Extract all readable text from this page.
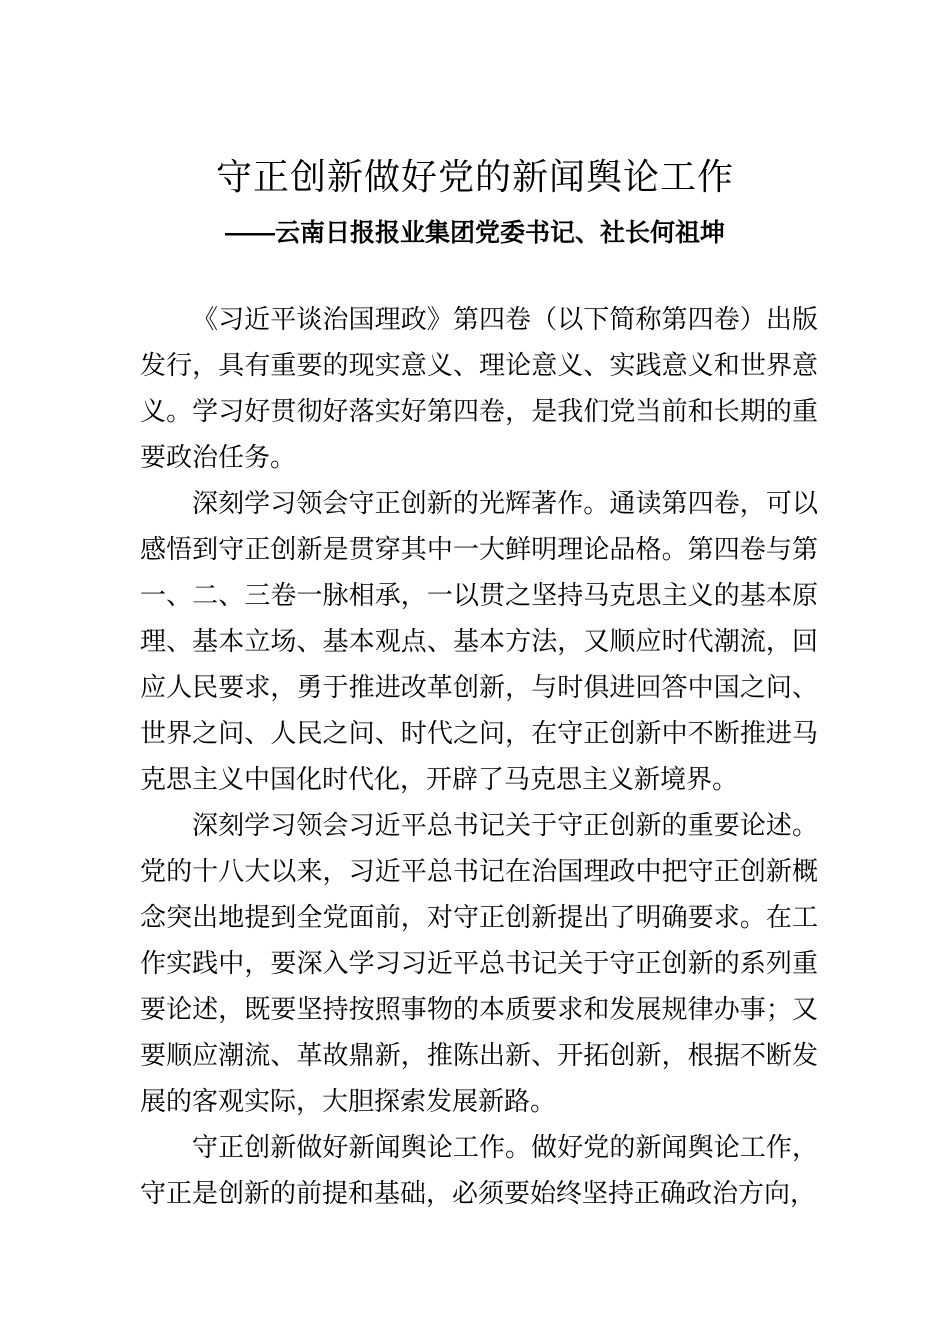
守正创新做好党的新闻舆论工作
——云南日报报业集团党委书记、社长何祖坤

《习近平谈治国理政》第四卷（以下简称第四卷）出版发行，具有重要的现实意义、理论意义、实践意义和世界意义。学习好贯彻好落实好第四卷，是我们党当前和长期的重要政治任务。

深刻学习领会守正创新的光辉著作。通读第四卷，可以感悟到守正创新是贯穿其中一大鲜明理论品格。第四卷与第一、二、三卷一脉相承，一以贯之坚持马克思主义的基本原理、基本立场、基本观点、基本方法，又顺应时代潮流，回应人民要求，勇于推进改革创新，与时俱进回答中国之问、世界之问、人民之问、时代之问，在守正创新中不断推进马克思主义中国化时代化，开辟了马克思主义新境界。

深刻学习领会习近平总书记关于守正创新的重要论述。党的十八大以来，习近平总书记在治国理政中把守正创新概念突出地提到全党面前，对守正创新提出了明确要求。在工作实践中，要深入学习习近平总书记关于守正创新的系列重要论述，既要坚持按照事物的本质要求和发展规律办事；又要顺应潮流、革故鼎新，推陈出新、开拓创新，根据不断发展的客观实际，大胆探索发展新路。

守正创新做好新闻舆论工作。做好党的新闻舆论工作，守正是创新的前提和基础，必须要始终坚持正确政治方向，
